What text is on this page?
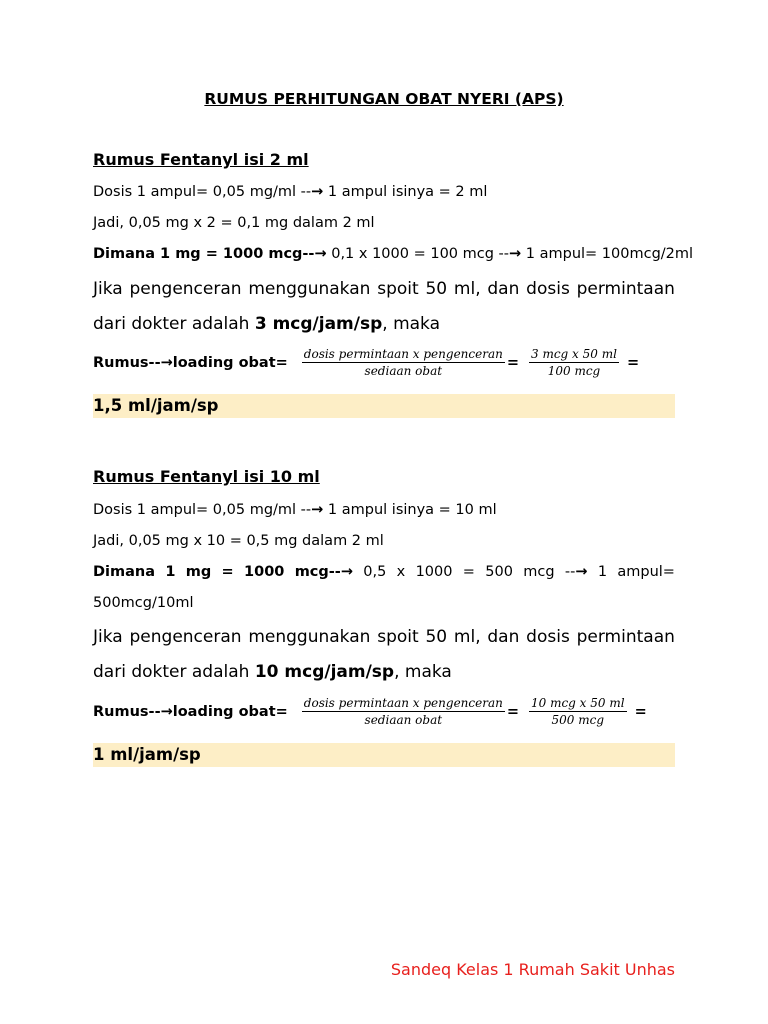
RUMUS PERHITUNGAN OBAT NYERI (APS)
Rumus Fentanyl isi 2 ml
Dosis 1 ampul= 0,05 mg/ml --→ 1 ampul isinya = 2 ml
Jadi, 0,05 mg x 2 = 0,1 mg dalam 2 ml
Dimana 1 mg = 1000 mcg--→ 0,1 x 1000 = 100 mcg --→ 1 ampul= 100mcg/2ml
Jika pengenceran menggunakan spoit 50 ml, dan dosis permintaan
dari dokter adalah 3 mcg/jam/sp, maka
Rumus-- → loading obat= $\frac{\text{dosis permintaan x pengenceran}}{\text{sediaan obat}} = \frac{\text{3 mcg x 50 ml}}{\text{100 mcg}}$ =
1,5 ml/jam/sp
Rumus Fentanyl isi 10 ml
Dosis 1 ampul= 0,05 mg/ml --→ 1 ampul isinya = 10 ml
Jadi, 0,05 mg x 10 = 0,5 mg dalam 2 ml
Dimana 1 mg = 1000 mcg--→ 0,5 x 1000 = 500 mcg --→ 1 ampul=
500mcg/10ml
Jika pengenceran menggunakan spoit 50 ml, dan dosis permintaan
dari dokter adalah 10 mcg/jam/sp, maka
Rumus-- → loading obat= $\frac{\text{dosis permintaan x pengenceran}}{\text{sediaan obat}} = \frac{\text{10 mcg x 50 ml}}{\text{500 mcg}}$ =
1 ml/jam/sp
Sandeq Kelas 1 Rumah Sakit Unhas
